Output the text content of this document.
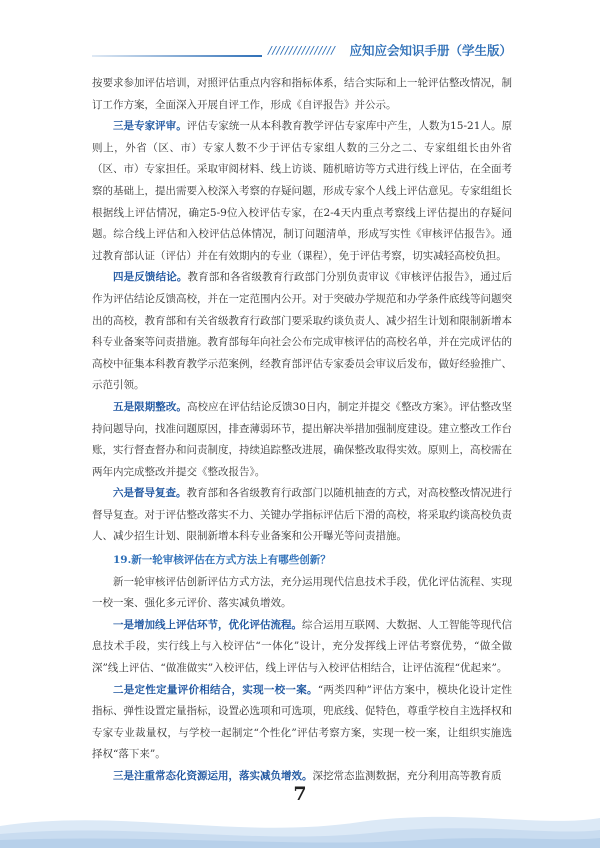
//////////////// 应知应会知识手册（学生版）

按要求参加评估培训，对照评估重点内容和指标体系，结合实际和上一轮评估整改情况，制订工作方案，全面深入开展自评工作，形成《自评报告》并公示。

三是专家评审。评估专家统一从本科教育教学评估专家库中产生，人数为15-21人。原则上，外省（区、市）专家人数不少于评估专家组人数的三分之二、专家组组长由外省（区、市）专家担任。采取审阅材料、线上访谈、随机暗访等方式进行线上评估，在全面考察的基础上，提出需要入校深入考察的存疑问题，形成专家个人线上评估意见。专家组组长根据线上评估情况，确定5-9位入校评估专家，在2-4天内重点考察线上评估提出的存疑问题。综合线上评估和入校评估总体情况，制订问题清单，形成写实性《审核评估报告》。通过教育部认证（评估）并在有效期内的专业（课程），免于评估考察，切实减轻高校负担。

四是反馈结论。教育部和各省级教育行政部门分别负责审议《审核评估报告》，通过后作为评估结论反馈高校，并在一定范围内公开。对于突破办学规范和办学条件底线等问题突出的高校，教育部和有关省级教育行政部门要采取约谈负责人、减少招生计划和限制新增本科专业备案等问责措施。教育部每年向社会公布完成审核评估的高校名单，并在完成评估的高校中征集本科教育教学示范案例，经教育部评估专家委员会审议后发布，做好经验推广、示范引领。

五是限期整改。高校应在评估结论反馈30日内，制定并提交《整改方案》。评估整改坚持问题导向，找准问题原因，排查薄弱环节，提出解决举措加强制度建设。建立整改工作台账，实行督查督办和问责制度，持续追踪整改进展，确保整改取得实效。原则上，高校需在两年内完成整改并提交《整改报告》。

六是督导复查。教育部和各省级教育行政部门以随机抽查的方式，对高校整改情况进行督导复查。对于评估整改落实不力、关键办学指标评估后下滑的高校，将采取约谈高校负责人、减少招生计划、限制新增本科专业备案和公开曝光等问责措施。

19.新一轮审核评估在方式方法上有哪些创新？

新一轮审核评估创新评估方式方法，充分运用现代信息技术手段，优化评估流程、实现一校一案、强化多元评价、落实减负增效。

一是增加线上评估环节，优化评估流程。综合运用互联网、大数据、人工智能等现代信息技术手段，实行线上与入校评估“一体化”设计，充分发挥线上评估考察优势，“做全做深”线上评估、“做准做实”入校评估，线上评估与入校评估相结合，让评估流程“优起来”。

二是定性定量评价相结合，实现一校一案。“两类四种”评估方案中，模块化设计定性指标、弹性设置定量指标，设置必选项和可选项，兜底线、促特色，尊重学校自主选择权和专家专业裁量权，与学校一起制定“个性化”评估考察方案，实现一校一案，让组织实施选择权“落下来”。

三是注重常态化资源运用，落实减负增效。深挖常态监测数据，充分利用高等教育质

7
